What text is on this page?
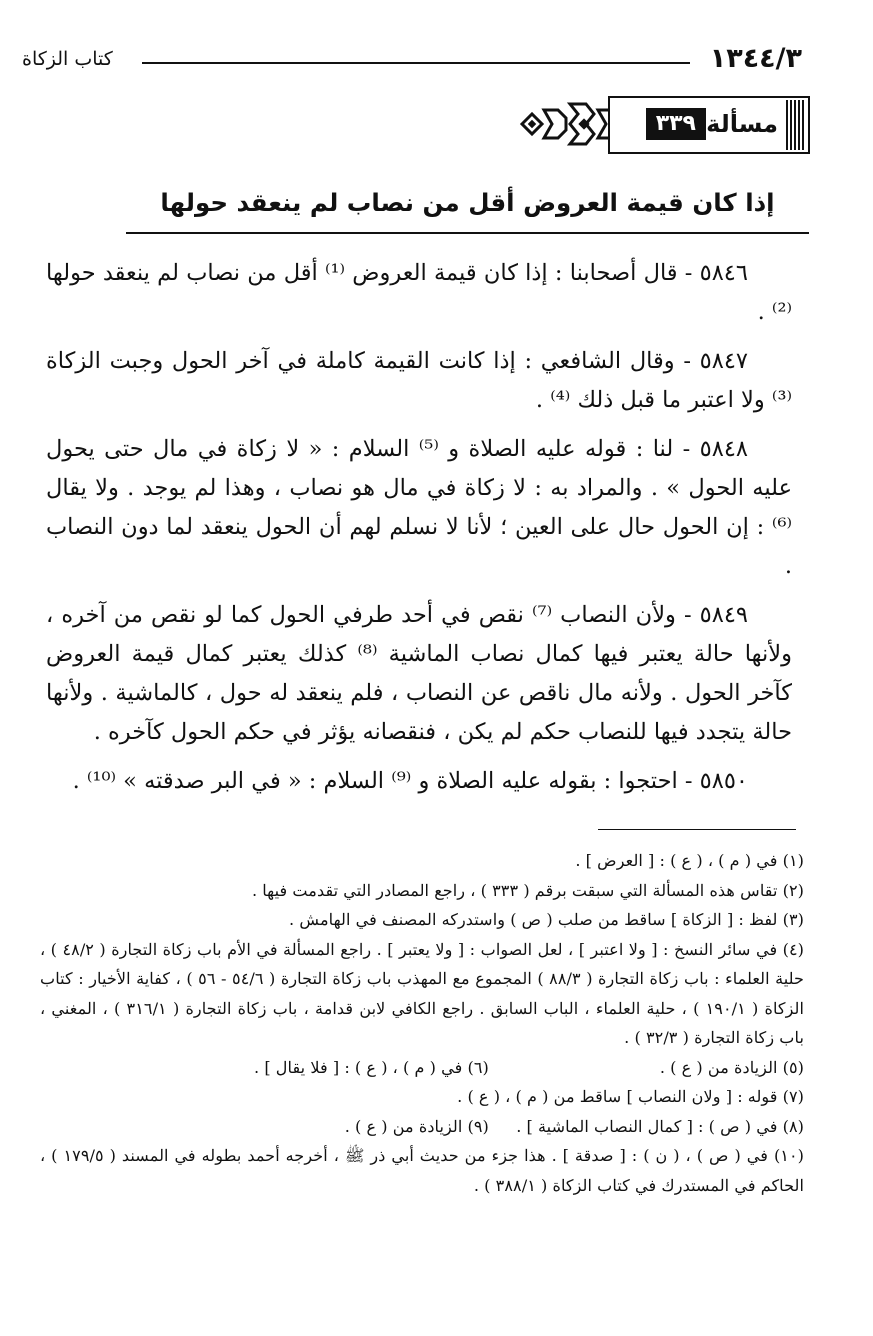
١٣٤٤/٣
كتاب الزكاة
مسألة
٣٣٩
إذا كان قيمة العروض أقل من نصاب لم ينعقد حولها

٥٨٤٦ - قال أصحابنا : إذا كان قيمة العروض ⁽¹⁾ أقل من نصاب لم ينعقد حولها ⁽²⁾ .

٥٨٤٧ - وقال الشافعي : إذا كانت القيمة كاملة في آخر الحول وجبت الزكاة ⁽³⁾ ولا اعتبر ما قبل ذلك ⁽⁴⁾ .

٥٨٤٨ - لنا : قوله عليه الصلاة و ⁽⁵⁾ السلام : « لا زكاة في مال حتى يحول عليه الحول » . والمراد به : لا زكاة في مال هو نصاب ، وهذا لم يوجد . ولا يقال ⁽⁶⁾ : إن الحول حال على العين ؛ لأنا لا نسلم لهم أن الحول ينعقد لما دون النصاب .

٥٨٤٩ - ولأن النصاب ⁽⁷⁾ نقص في أحد طرفي الحول كما لو نقص من آخره ، ولأنها حالة يعتبر فيها كمال نصاب الماشية ⁽⁸⁾ كذلك يعتبر كمال قيمة العروض كآخر الحول . ولأنه مال ناقص عن النصاب ، فلم ينعقد له حول ، كالماشية . ولأنها حالة يتجدد فيها للنصاب حكم لم يكن ، فنقصانه يؤثر في حكم الحول كآخره .

٥٨٥٠ - احتجوا : بقوله عليه الصلاة و ⁽⁹⁾ السلام : « في البر صدقته » ⁽¹⁰⁾ .

(١) في ( م ) ، ( ع ) : [ العرض ] .
(٢) تقاس هذه المسألة التي سبقت برقم ( ٣٣٣ ) ، راجع المصادر التي تقدمت فيها .
(٣) لفظ : [ الزكاة ] ساقط من صلب ( ص ) واستدركه المصنف في الهامش .
(٤) في سائر النسخ : [ ولا اعتبر ] ، لعل الصواب : [ ولا يعتبر ] . راجع المسألة في الأم باب زكاة التجارة ( ٤٨/٢ ) ، حلية العلماء : باب زكاة التجارة ( ٨٨/٣ ) المجموع مع المهذب باب زكاة التجارة ( ٥٤/٦ - ٥٦ ) ، كفاية الأخيار : كتاب الزكاة ( ١٩٠/١ ) ، حلية العلماء ، الباب السابق . راجع الكافي لابن قدامة ، باب زكاة التجارة ( ٣١٦/١ ) ، المغني ، باب زكاة التجارة ( ٣٢/٣ ) .
(٥) الزيادة من ( ع ) . (٦) في ( م ) ، ( ع ) : [ فلا يقال ] .
(٧) قوله : [ ولان النصاب ] ساقط من ( م ) ، ( ع ) .
(٨) في ( ص ) : [ كمال النصاب الماشية ] . (٩) الزيادة من ( ع ) .
(١٠) في ( ص ) ، ( ن ) : [ صدقة ] . هذا جزء من حديث أبي ذر ﷺ ، أخرجه أحمد بطوله في المسند ( ١٧٩/٥ ) ، الحاكم في المستدرك في كتاب الزكاة ( ٣٨٨/١ ) .
